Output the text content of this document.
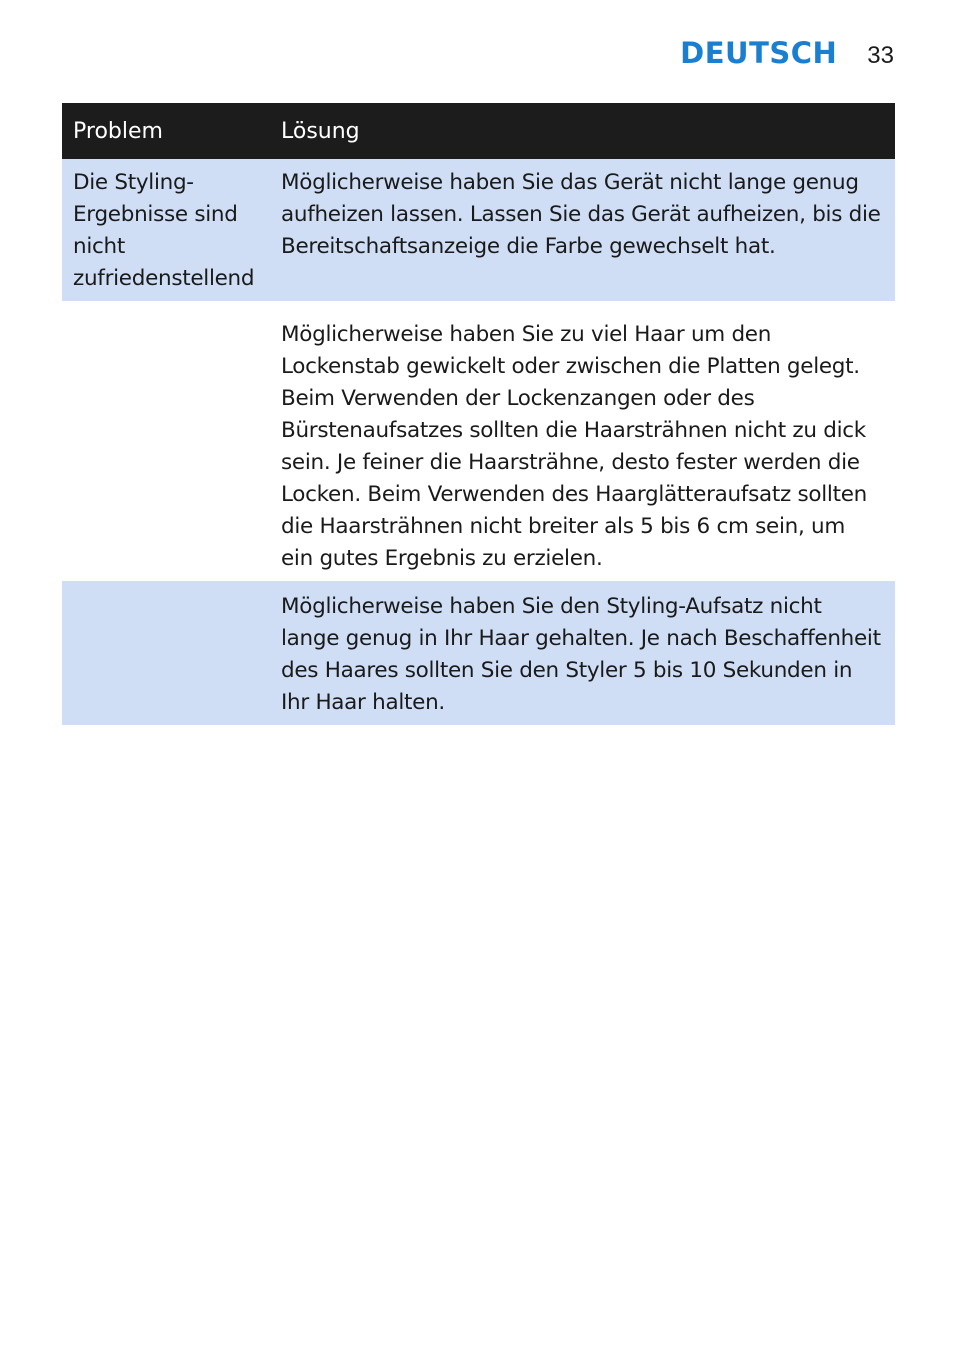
DEUTSCH 33
Problem	Lösung
Die Styling-Ergebnisse sind nicht zufriedenstellend
Möglicherweise haben Sie das Gerät nicht lange genug aufheizen lassen. Lassen Sie das Gerät aufheizen, bis die Bereitschaftsanzeige die Farbe gewechselt hat.
Möglicherweise haben Sie zu viel Haar um den Lockenstab gewickelt oder zwischen die Platten gelegt. Beim Verwenden der Lockenzangen oder des Bürstenaufsatzes sollten die Haarsträhnen nicht zu dick sein. Je feiner die Haarsträhne, desto fester werden die Locken. Beim Verwenden des Haarglätteraufsatz sollten die Haarsträhnen nicht breiter als 5 bis 6 cm sein, um ein gutes Ergebnis zu erzielen.
Möglicherweise haben Sie den Styling-Aufsatz nicht lange genug in Ihr Haar gehalten. Je nach Beschaffenheit des Haares sollten Sie den Styler 5 bis 10 Sekunden in Ihr Haar halten.
